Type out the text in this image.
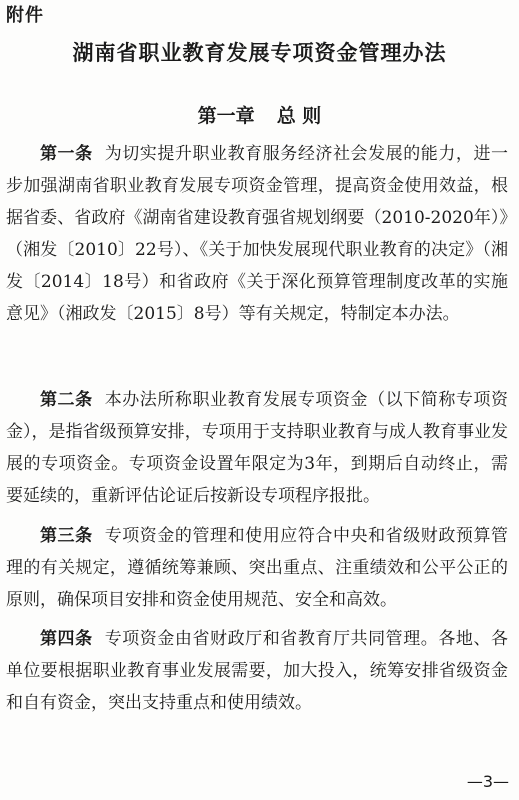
附件
湖南省职业教育发展专项资金管理办法
第一章 总 则

第一条 为切实提升职业教育服务经济社会发展的能力，进一步加强湖南省职业教育发展专项资金管理，提高资金使用效益，根据省委、省政府《湖南省建设教育强省规划纲要（2010-2020年）》（湘发〔2010〕22号）、《关于加快发展现代职业教育的决定》（湘发〔2014〕18号）和省政府《关于深化预算管理制度改革的实施意见》（湘政发〔2015〕8号）等有关规定，特制定本办法。

第二条 本办法所称职业教育发展专项资金（以下简称专项资金），是指省级预算安排，专项用于支持职业教育与成人教育事业发展的专项资金。专项资金设置年限定为3年，到期后自动终止，需要延续的，重新评估论证后按新设专项程序报批。

第三条 专项资金的管理和使用应符合中央和省级财政预算管理的有关规定，遵循统筹兼顾、突出重点、注重绩效和公平公正的原则，确保项目安排和资金使用规范、安全和高效。

第四条 专项资金由省财政厅和省教育厅共同管理。各地、各单位要根据职业教育事业发展需要，加大投入，统筹安排省级资金和自有资金，突出支持重点和使用绩效。

—3—
